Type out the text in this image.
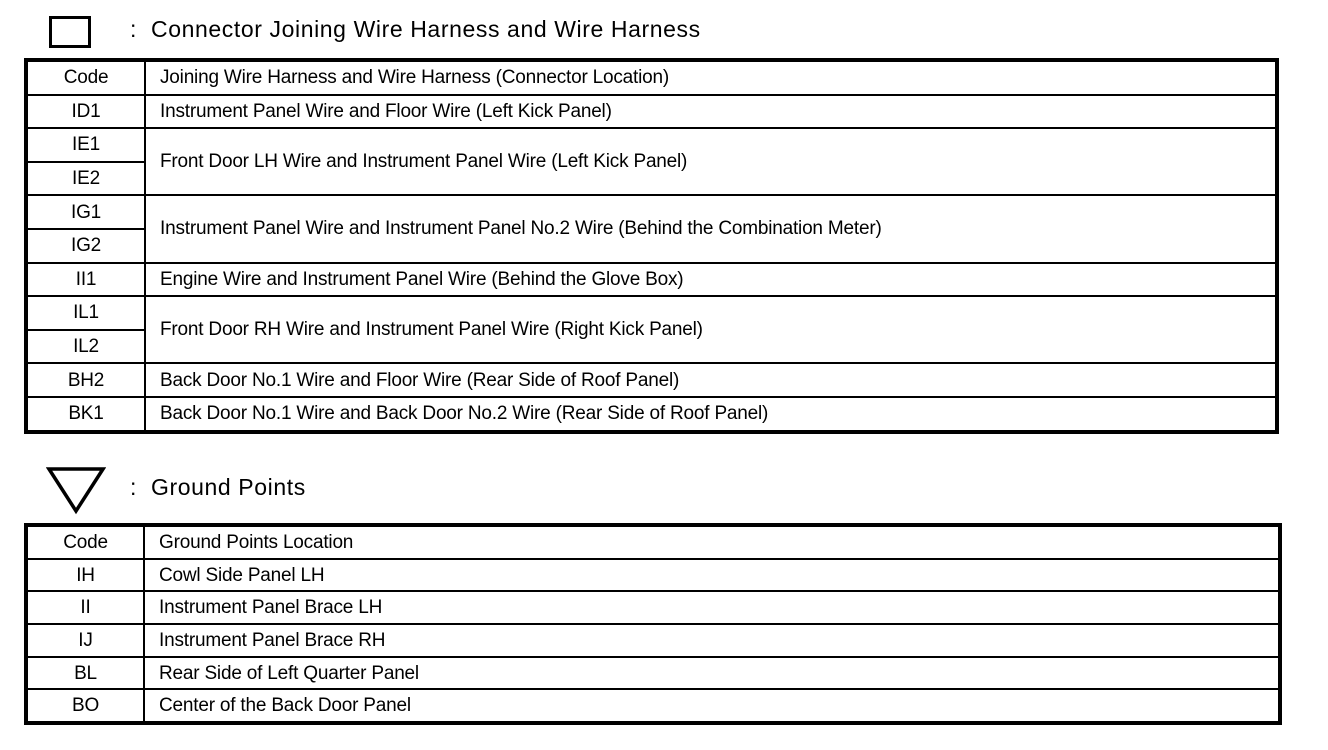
: Connector Joining Wire Harness and Wire Harness
Code	Joining Wire Harness and Wire Harness (Connector Location)
ID1	Instrument Panel Wire and Floor Wire (Left Kick Panel)
IE1	Front Door LH Wire and Instrument Panel Wire (Left Kick Panel)
IE2	
IG1	Instrument Panel Wire and Instrument Panel No.2 Wire (Behind the Combination Meter)
IG2	
II1	Engine Wire and Instrument Panel Wire (Behind the Glove Box)
IL1	Front Door RH Wire and Instrument Panel Wire (Right Kick Panel)
IL2	
BH2	Back Door No.1 Wire and Floor Wire (Rear Side of Roof Panel)
BK1	Back Door No.1 Wire and Back Door No.2 Wire (Rear Side of Roof Panel)
: Ground Points
Code	Ground Points Location
IH	Cowl Side Panel LH
II	Instrument Panel Brace LH
IJ	Instrument Panel Brace RH
BL	Rear Side of Left Quarter Panel
BO	Center of the Back Door Panel
